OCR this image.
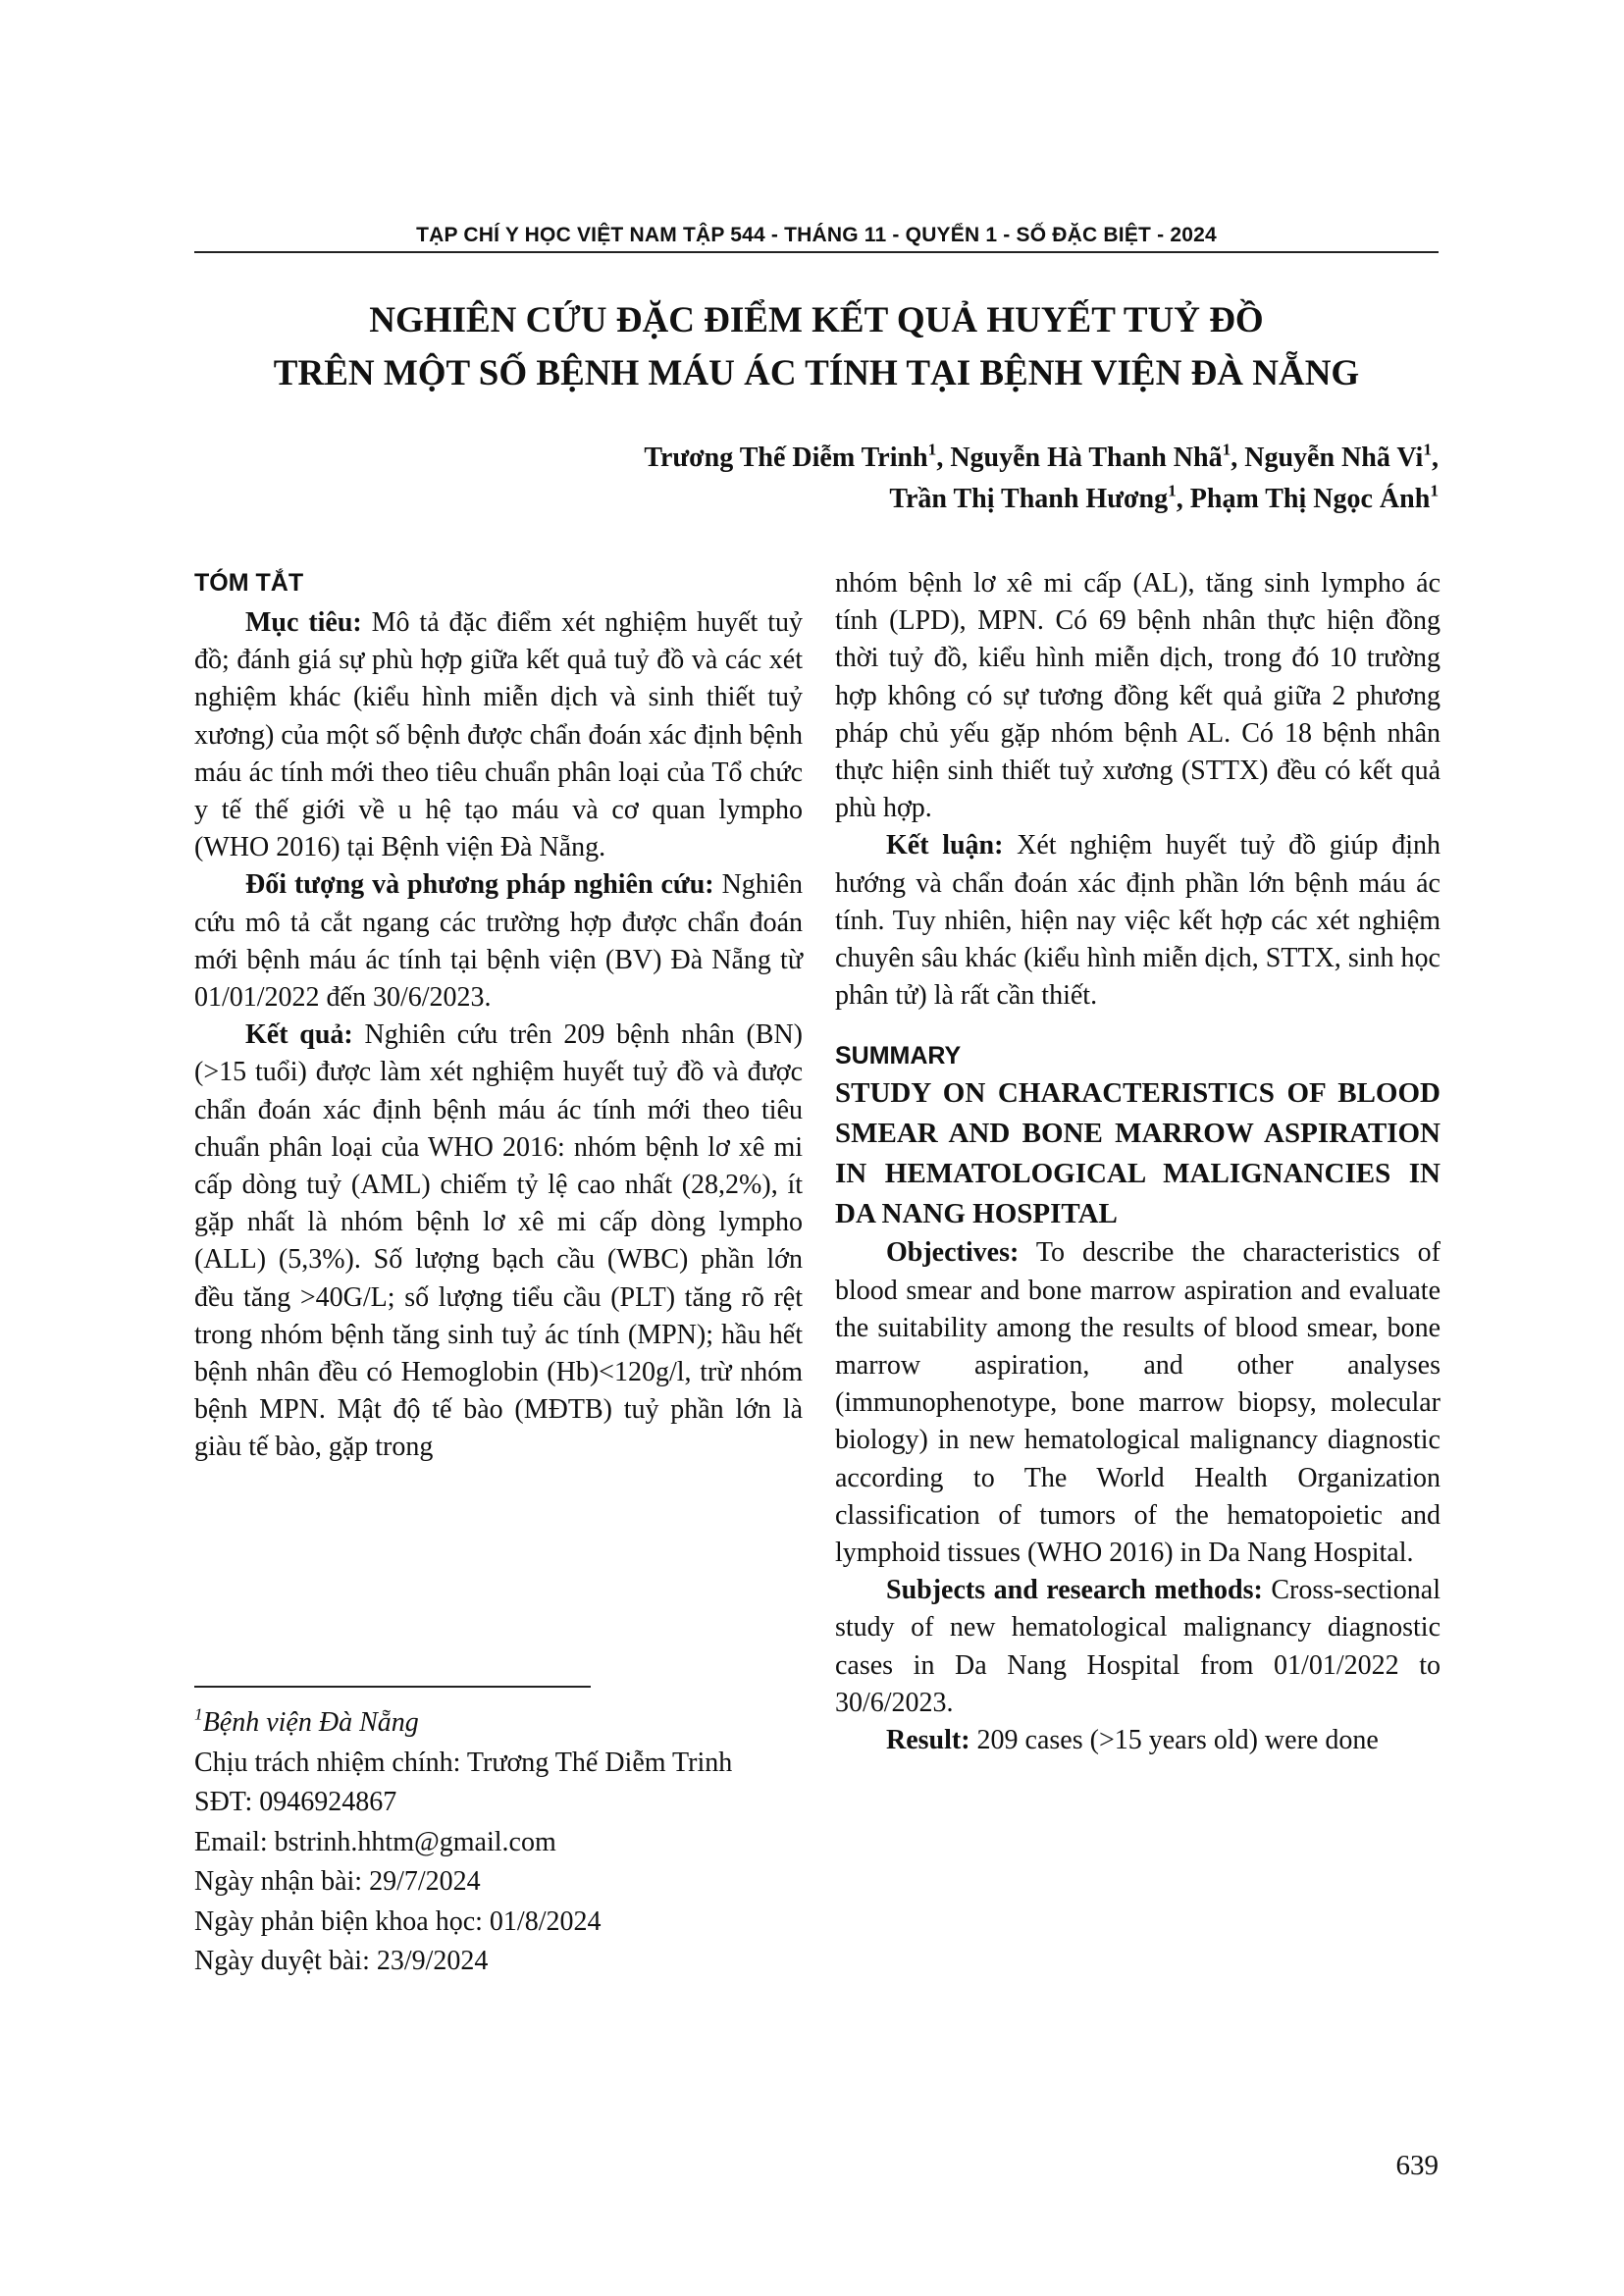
TẠP CHÍ Y HỌC VIỆT NAM TẬP 544 - THÁNG 11 - QUYỂN 1 - SỐ ĐẶC BIỆT - 2024
NGHIÊN CỨU ĐẶC ĐIỂM KẾT QUẢ HUYẾT TUỶ ĐỒ
TRÊN MỘT SỐ BỆNH MÁU ÁC TÍNH TẠI BỆNH VIỆN ĐÀ NẴNG
Trương Thế Diễm Trinh$^1$, Nguyễn Hà Thanh Nhã$^1$, Nguyễn Nhã Vi$^1$,
Trần Thị Thanh Hương$^1$, Phạm Thị Ngọc Ánh$^1$
TÓM TẮT

Mục tiêu: Mô tả đặc điểm xét nghiệm huyết tuỷ đồ; đánh giá sự phù hợp giữa kết quả tuỷ đồ và các xét nghiệm khác (kiểu hình miễn dịch và sinh thiết tuỷ xương) của một số bệnh được chẩn đoán xác định bệnh máu ác tính mới theo tiêu chuẩn phân loại của Tổ chức y tế thế giới về u hệ tạo máu và cơ quan lympho (WHO 2016) tại Bệnh viện Đà Nẵng.

Đối tượng và phương pháp nghiên cứu: Nghiên cứu mô tả cắt ngang các trường hợp được chẩn đoán mới bệnh máu ác tính tại bệnh viện (BV) Đà Nẵng từ 01/01/2022 đến 30/6/2023.

Kết quả: Nghiên cứu trên 209 bệnh nhân (BN) (>15 tuổi) được làm xét nghiệm huyết tuỷ đồ và được chẩn đoán xác định bệnh máu ác tính mới theo tiêu chuẩn phân loại của WHO 2016: nhóm bệnh lơ xê mi cấp dòng tuỷ (AML) chiếm tỷ lệ cao nhất (28,2%), ít gặp nhất là nhóm bệnh lơ xê mi cấp dòng lympho (ALL) (5,3%). Số lượng bạch cầu (WBC) phần lớn đều tăng >40G/L; số lượng tiểu cầu (PLT) tăng rõ rệt trong nhóm bệnh tăng sinh tuỷ ác tính (MPN); hầu hết bệnh nhân đều có Hemoglobin (Hb)<120g/l, trừ nhóm bệnh MPN. Mật độ tế bào (MĐTB) tuỷ phần lớn là giàu tế bào, gặp trong

$^1$Bệnh viện Đà Nẵng
Chịu trách nhiệm chính: Trương Thế Diễm Trinh
SĐT: 0946924867
Email: bstrinh.hhtm@gmail.com
Ngày nhận bài: 29/7/2024
Ngày phản biện khoa học: 01/8/2024
Ngày duyệt bài: 23/9/2024

nhóm bệnh lơ xê mi cấp (AL), tăng sinh lympho ác tính (LPD), MPN. Có 69 bệnh nhân thực hiện đồng thời tuỷ đồ, kiểu hình miễn dịch, trong đó 10 trường hợp không có sự tương đồng kết quả giữa 2 phương pháp chủ yếu gặp nhóm bệnh AL. Có 18 bệnh nhân thực hiện sinh thiết tuỷ xương (STTX) đều có kết quả phù hợp.

Kết luận: Xét nghiệm huyết tuỷ đồ giúp định hướng và chẩn đoán xác định phần lớn bệnh máu ác tính. Tuy nhiên, hiện nay việc kết hợp các xét nghiệm chuyên sâu khác (kiểu hình miễn dịch, STTX, sinh học phân tử) là rất cần thiết.

SUMMARY

STUDY ON CHARACTERISTICS OF BLOOD SMEAR AND BONE MARROW ASPIRATION IN HEMATOLOGICAL MALIGNANCIES IN DA NANG HOSPITAL

Objectives: To describe the characteristics of blood smear and bone marrow aspiration and evaluate the suitability among the results of blood smear, bone marrow aspiration, and other analyses (immunophenotype, bone marrow biopsy, molecular biology) in new hematological malignancy diagnostic according to The World Health Organization classification of tumors of the hematopoietic and lymphoid tissues (WHO 2016) in Da Nang Hospital.

Subjects and research methods: Cross-sectional study of new hematological malignancy diagnostic cases in Da Nang Hospital from 01/01/2022 to 30/6/2023.

Result: 209 cases (>15 years old) were done

639
